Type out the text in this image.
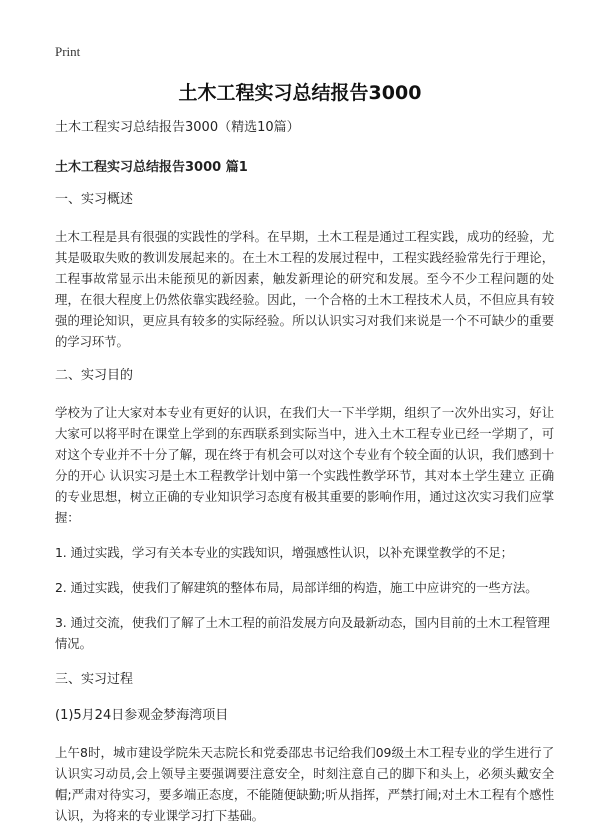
Print
土木工程实习总结报告3000

土木工程实习总结报告3000（精选10篇）

土木工程实习总结报告3000 篇1

一、实习概述

土木工程是具有很强的实践性的学科。在早期，土木工程是通过工程实践，成功的经验，尤其是吸取失败的教训发展起来的。在土木工程的发展过程中，工程实践经验常先行于理论，工程事故常显示出未能预见的新因素，触发新理论的研究和发展。至今不少工程问题的处理，在很大程度上仍然依靠实践经验。因此，一个合格的土木工程技术人员，不但应具有较强的理论知识，更应具有较多的实际经验。所以认识实习对我们来说是一个不可缺少的重要的学习环节。

二、实习目的

学校为了让大家对本专业有更好的认识，在我们大一下半学期，组织了一次外出实习，好让大家可以将平时在课堂上学到的东西联系到实际当中，进入土木工程专业已经一学期了，可对这个专业并不十分了解，现在终于有机会可以对这个专业有个较全面的认识，我们感到十分的开心 认识实习是土木工程教学计划中第一个实践性教学环节，其对本土学生建立 正确的专业思想，树立正确的专业知识学习态度有极其重要的影响作用，通过这次实习我们应掌握：

1. 通过实践，学习有关本专业的实践知识，增强感性认识，以补充课堂教学的不足；

2. 通过实践，使我们了解建筑的整体布局，局部详细的构造，施工中应讲究的一些方法。

3. 通过交流，使我们了解了土木工程的前沿发展方向及最新动态，国内目前的土木工程管理情况。

三、实习过程

(1)5月24日参观金梦海湾项目

上午8时，城市建设学院朱天志院长和党委邵忠书记给我们09级土木工程专业的学生进行了认识实习动员,会上领导主要强调要注意安全，时刻注意自己的脚下和头上，必须头戴安全帽;严肃对待实习，要多端正态度，不能随便缺勤;听从指挥，严禁打闹;对土木工程有个感性认识，为将来的专业课学习打下基础。
